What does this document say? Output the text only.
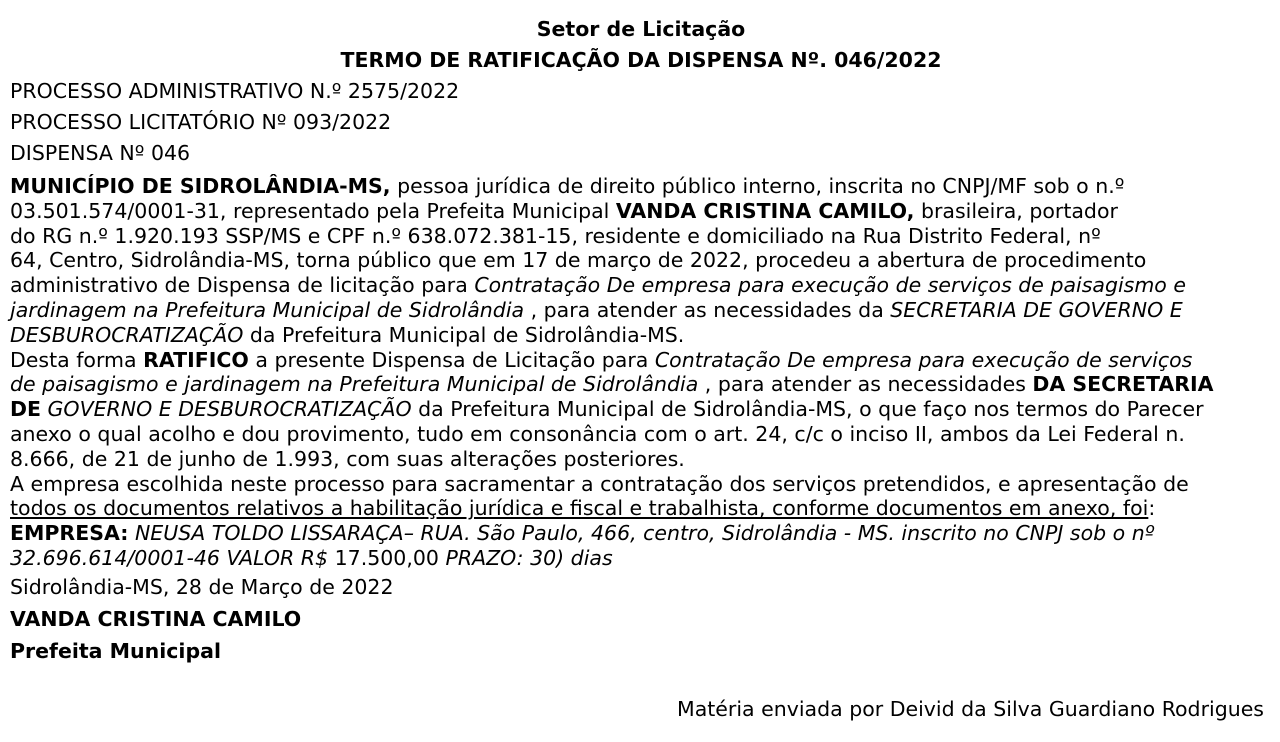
Setor de Licitação

TERMO DE RATIFICAÇÃO DA DISPENSA Nº. 046/2022

PROCESSO ADMINISTRATIVO N.º 2575/2022

PROCESSO LICITATÓRIO Nº 093/2022

DISPENSA Nº 046

MUNICÍPIO DE SIDROLÂNDIA-MS, pessoa jurídica de direito público interno, inscrita no CNPJ/MF sob o n.º
03.501.574/0001-31, representado pela Prefeita Municipal VANDA CRISTINA CAMILO, brasileira, portador
do RG n.º 1.920.193 SSP/MS e CPF n.º 638.072.381-15, residente e domiciliado na Rua Distrito Federal, nº
64, Centro, Sidrolândia-MS, torna público que em 17 de março de 2022, procedeu a abertura de procedimento
administrativo de Dispensa de licitação para Contratação De empresa para execução de serviços de paisagismo e
jardinagem na Prefeitura Municipal de Sidrolândia , para atender as necessidades da SECRETARIA DE GOVERNO E
DESBUROCRATIZAÇÃO da Prefeitura Municipal de Sidrolândia-MS.

Desta forma RATIFICO a presente Dispensa de Licitação para Contratação De empresa para execução de serviços
de paisagismo e jardinagem na Prefeitura Municipal de Sidrolândia , para atender as necessidades DA SECRETARIA
DE GOVERNO E DESBUROCRATIZAÇÃO da Prefeitura Municipal de Sidrolândia-MS, o que faço nos termos do Parecer
anexo o qual acolho e dou provimento, tudo em consonância com o art. 24, c/c o inciso II, ambos da Lei Federal n.
8.666, de 21 de junho de 1.993, com suas alterações posteriores.

A empresa escolhida neste processo para sacramentar a contratação dos serviços pretendidos, e apresentação de
todos os documentos relativos a habilitação jurídica e fiscal e trabalhista, conforme documentos em anexo, foi:

EMPRESA: NEUSA TOLDO LISSARAÇA– RUA. São Paulo, 466, centro, Sidrolândia - MS. inscrito no CNPJ sob o nº
32.696.614/0001-46 VALOR R$ 17.500,00 PRAZO: 30) dias

Sidrolândia-MS, 28 de Março de 2022

VANDA CRISTINA CAMILO

Prefeita Municipal

Matéria enviada por Deivid da Silva Guardiano Rodrigues
